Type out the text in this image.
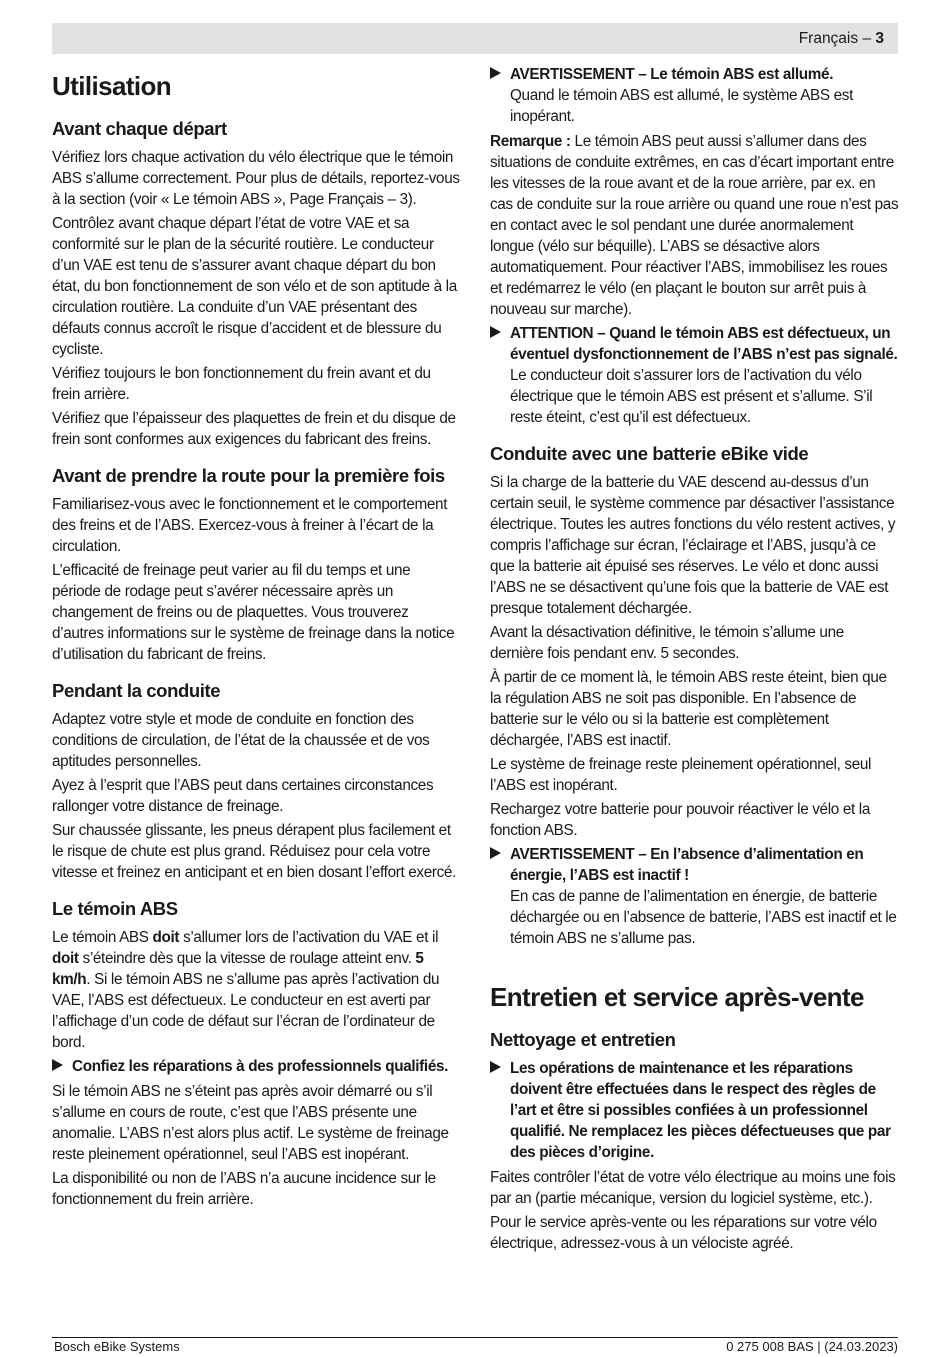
Français – 3
Utilisation
Avant chaque départ

Vérifiez lors chaque activation du vélo électrique que le témoin ABS s’allume correctement. Pour plus de détails, reportez-vous à la section (voir « Le témoin ABS », Page Français – 3).

Contrôlez avant chaque départ l’état de votre VAE et sa conformité sur le plan de la sécurité routière. Le conducteur d’un VAE est tenu de s’assurer avant chaque départ du bon état, du bon fonctionnement de son vélo et de son aptitude à la circulation routière. La conduite d’un VAE présentant des défauts connus accroît le risque d’accident et de blessure du cycliste.

Vérifiez toujours le bon fonctionnement du frein avant et du frein arrière.

Vérifiez que l’épaisseur des plaquettes de frein et du disque de frein sont conformes aux exigences du fabricant des freins.

Avant de prendre la route pour la première fois

Familiarisez-vous avec le fonctionnement et le comportement des freins et de l’ABS. Exercez-vous à freiner à l’écart de la circulation.

L’efficacité de freinage peut varier au fil du temps et une période de rodage peut s’avérer nécessaire après un changement de freins ou de plaquettes. Vous trouverez d’autres informations sur le système de freinage dans la notice d’utilisation du fabricant de freins.

Pendant la conduite

Adaptez votre style et mode de conduite en fonction des conditions de circulation, de l’état de la chaussée et de vos aptitudes personnelles.

Ayez à l’esprit que l’ABS peut dans certaines circonstances rallonger votre distance de freinage.

Sur chaussée glissante, les pneus dérapent plus facilement et le risque de chute est plus grand. Réduisez pour cela votre vitesse et freinez en anticipant et en bien dosant l’effort exercé.

Le témoin ABS

Le témoin ABS doit s’allumer lors de l’activation du VAE et il doit s’éteindre dès que la vitesse de roulage atteint env. 5 km/h. Si le témoin ABS ne s’allume pas après l’activation du VAE, l’ABS est défectueux. Le conducteur en est averti par l’affichage d’un code de défaut sur l’écran de l’ordinateur de bord.

Confiez les réparations à des professionnels qualifiés.

Si le témoin ABS ne s’éteint pas après avoir démarré ou s’il s’allume en cours de route, c’est que l’ABS présente une anomalie. L’ABS n’est alors plus actif. Le système de freinage reste pleinement opérationnel, seul l’ABS est inopérant.

La disponibilité ou non de l’ABS n’a aucune incidence sur le fonctionnement du frein arrière.

AVERTISSEMENT – Le témoin ABS est allumé.
Quand le témoin ABS est allumé, le système ABS est inopérant.

Remarque : Le témoin ABS peut aussi s’allumer dans des situations de conduite extrêmes, en cas d’écart important entre les vitesses de la roue avant et de la roue arrière, par ex. en cas de conduite sur la roue arrière ou quand une roue n’est pas en contact avec le sol pendant une durée anormalement longue (vélo sur béquille). L’ABS se désactive alors automatiquement. Pour réactiver l’ABS, immobilisez les roues et redémarrez le vélo (en plaçant le bouton sur arrêt puis à nouveau sur marche).

ATTENTION – Quand le témoin ABS est défectueux, un éventuel dysfonctionnement de l’ABS n’est pas signalé.
Le conducteur doit s’assurer lors de l’activation du vélo électrique que le témoin ABS est présent et s’allume. S’il reste éteint, c’est qu’il est défectueux.
Conduite avec une batterie eBike vide

Si la charge de la batterie du VAE descend au-dessus d’un certain seuil, le système commence par désactiver l’assistance électrique. Toutes les autres fonctions du vélo restent actives, y compris l’affichage sur écran, l’éclairage et l’ABS, jusqu’à ce que la batterie ait épuisé ses réserves. Le vélo et donc aussi l’ABS ne se désactivent qu’une fois que la batterie de VAE est presque totalement déchargée.

Avant la désactivation définitive, le témoin s’allume une dernière fois pendant env. 5 secondes.

À partir de ce moment là, le témoin ABS reste éteint, bien que la régulation ABS ne soit pas disponible. En l’absence de batterie sur le vélo ou si la batterie est complètement déchargée, l’ABS est inactif.

Le système de freinage reste pleinement opérationnel, seul l’ABS est inopérant.

Rechargez votre batterie pour pouvoir réactiver le vélo et la fonction ABS.

AVERTISSEMENT – En l’absence d’alimentation en énergie, l’ABS est inactif !
En cas de panne de l’alimentation en énergie, de batterie déchargée ou en l’absence de batterie, l’ABS est inactif et le témoin ABS ne s’allume pas.
Entretien et service après-vente
Nettoyage et entretien
Les opérations de maintenance et les réparations doivent être effectuées dans le respect des règles de l’art et être si possibles confiées à un professionnel qualifié. Ne remplacez les pièces défectueuses que par des pièces d’origine.

Faites contrôler l’état de votre vélo électrique au moins une fois par an (partie mécanique, version du logiciel système, etc.).

Pour le service après-vente ou les réparations sur votre vélo électrique, adressez-vous à un vélociste agréé.

Bosch eBike Systems	0 275 008 BAS | (24.03.2023)
